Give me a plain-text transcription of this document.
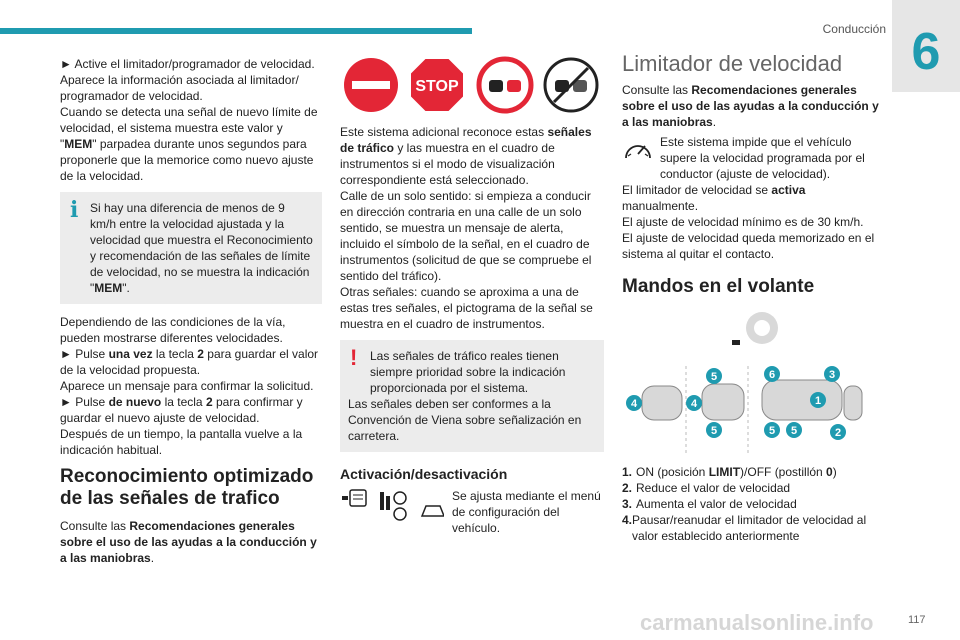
Conducción 6

► Active el limitador/programador de velocidad.
Aparece la información asociada al limitador/
programador de velocidad.

Cuando se detecta una señal de nuevo límite de velocidad, el sistema muestra este valor y "MEM" parpadea durante unos segundos para proponerle que la memorice como nuevo ajuste de la velocidad.

i Si hay una diferencia de menos de 9 km/h entre la velocidad ajustada y la velocidad que muestra el Reconocimiento y recomendación de las señales de límite de velocidad, no se muestra la indicación "MEM".

Dependiendo de las condiciones de la vía, pueden mostrarse diferentes velocidades.

► Pulse una vez la tecla 2 para guardar el valor de la velocidad propuesta.

Aparece un mensaje para confirmar la solicitud.

► Pulse de nuevo la tecla 2 para confirmar y guardar el nuevo ajuste de velocidad.

Después de un tiempo, la pantalla vuelve a la indicación habitual.

Reconocimiento optimizado de las señales de trafico

Consulte las Recomendaciones generales sobre el uso de las ayudas a la conducción y a las maniobras.

STOP

Este sistema adicional reconoce estas señales de tráfico y las muestra en el cuadro de instrumentos si el modo de visualización correspondiente está seleccionado.

Calle de un solo sentido: si empieza a conducir en dirección contraria en una calle de un solo sentido, se muestra un mensaje de alerta, incluido el símbolo de la señal, en el cuadro de instrumentos (solicitud de que se compruebe el sentido del tráfico).

Otras señales: cuando se aproxima a una de estas tres señales, el pictograma de la señal se muestra en el cuadro de instrumentos.

!	Las señales de tráfico reales tienen siempre prioridad sobre la indicación proporcionada por el sistema.

Las señales deben ser conformes a la Convención de Viena sobre señalización en carretera.

Activación/desactivación

Se ajusta mediante el menú de configuración del vehículo.

Limitador de velocidad

Consulte las Recomendaciones generales sobre el uso de las ayudas a la conducción y a las maniobras.

Este sistema impide que el vehículo supere la velocidad programada por el conductor (ajuste de velocidad).

El limitador de velocidad se activa manualmente.

El ajuste de velocidad mínimo es de 30 km/h.

El ajuste de velocidad queda memorizado en el sistema al quitar el contacto.

Mandos en el volante
4
5
4
5
6	3
1
2
5 5
1. ON (posición LIMIT)/OFF (postillón 0)
2. Reduce el valor de velocidad
3. Aumenta el valor de velocidad
4. Pausar/reanudar el limitador de velocidad al valor establecido anteriormente
carmanualsonline.info	117
